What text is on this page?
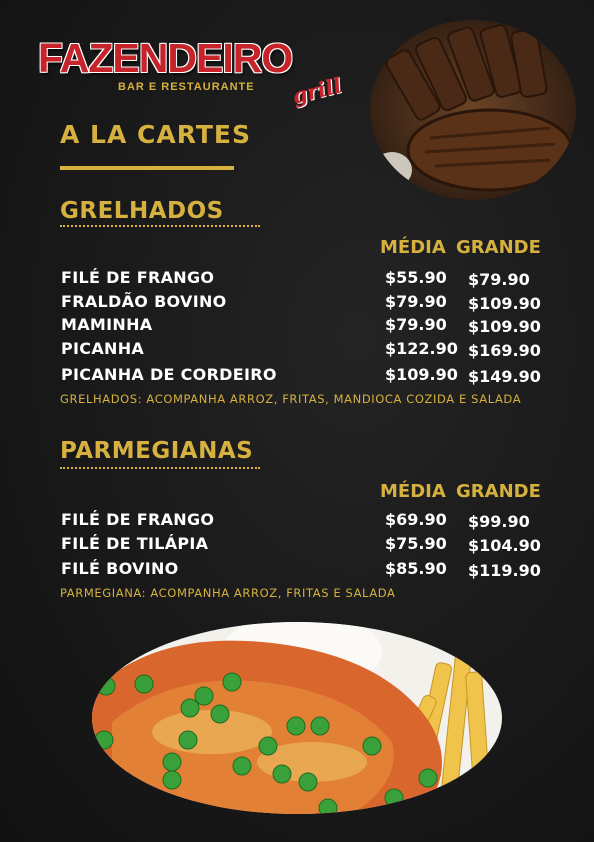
FAZENDEIRO
grill
BAR E RESTAURANTE
A LA CARTES
GRELHADOS
MÉDIA GRANDE
FILÉ DE FRANGO	$55.90 $79.90
FRALDÃO BOVINO	$79.90 $109.90
MAMINHA	$79.90 $109.90
PICANHA	$122.90 $169.90
PICANHA DE CORDEIRO	$109.90 $149.90
GRELHADOS: ACOMPANHA ARROZ, FRITAS, MANDIOCA COZIDA E SALADA
PARMEGIANAS
MÉDIA GRANDE
FILÉ DE FRANGO	$69.90 $99.90
FILÉ DE TILÁPIA	$75.90 $104.90
FILÉ BOVINO	$85.90 $119.90
PARMEGIANA: ACOMPANHA ARROZ, FRITAS E SALADA
